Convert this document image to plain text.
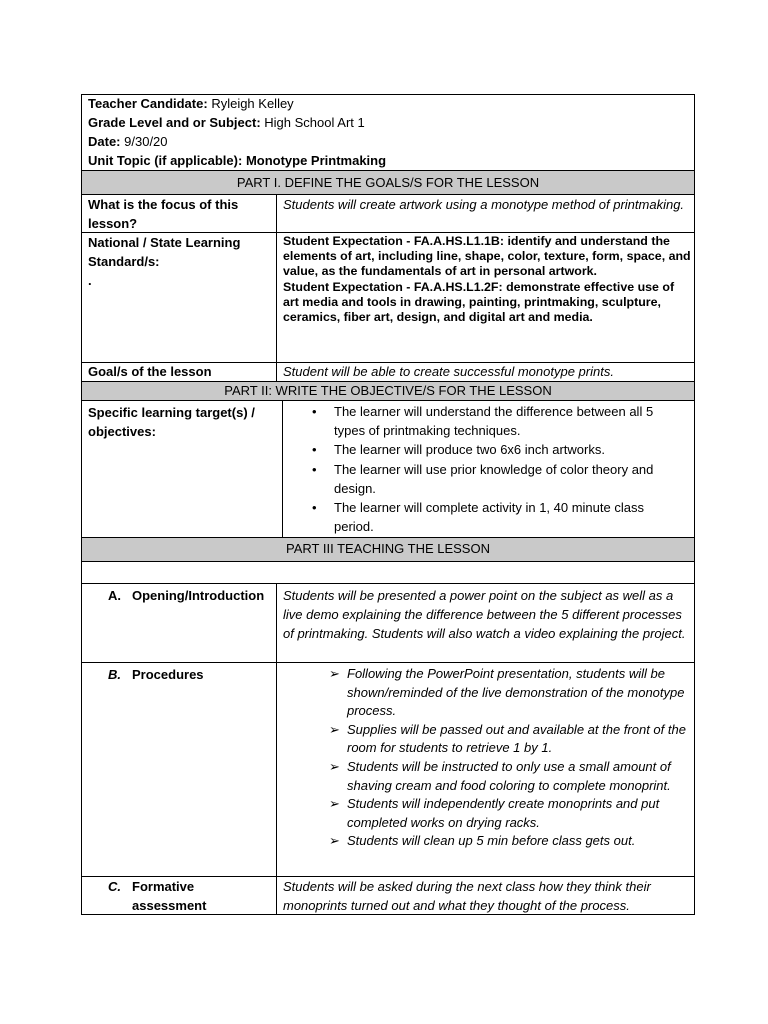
Teacher Candidate: Ryleigh Kelley
Grade Level and or Subject: High School Art 1
Date: 9/30/20
Unit Topic (if applicable): Monotype Printmaking
PART I. DEFINE THE GOALS/S FOR THE LESSON
What is the focus of this lesson?
Students will create artwork using a monotype method of printmaking.
National / State Learning Standard/s:
.
Student Expectation - FA.A.HS.L1.1B: identify and understand the elements of art, including line, shape, color, texture, form, space, and value, as the fundamentals of art in personal artwork.
Student Expectation - FA.A.HS.L1.2F: demonstrate effective use of art media and tools in drawing, painting, printmaking, sculpture, ceramics, fiber art, design, and digital art and media.
Goal/s of the lesson	Student will be able to create successful monotype prints.
PART II: WRITE THE OBJECTIVE/S FOR THE LESSON
Specific learning target(s) / objectives:
• The learner will understand the difference between all 5 types of printmaking techniques.
• The learner will produce two 6x6 inch artworks.
• The learner will use prior knowledge of color theory and design.
• The learner will complete activity in 1, 40 minute class period.
PART III TEACHING THE LESSON
A. Opening/Introduction Students will be presented a power point on the subject as well as a live demo explaining the difference between the 5 different processes of printmaking. Students will also watch a video explaining the project.
B. Procedures	➢ Following the PowerPoint presentation, students will be shown/reminded of the live demonstration of the monotype process.
➢ Supplies will be passed out and available at the front of the room for students to retrieve 1 by 1.
➢ Students will be instructed to only use a small amount of shaving cream and food coloring to complete monoprint.
➢ Students will independently create monoprints and put completed works on drying racks.
➢ Students will clean up 5 min before class gets out.
C. Formative assessment
Students will be asked during the next class how they think their monoprints turned out and what they thought of the process.
